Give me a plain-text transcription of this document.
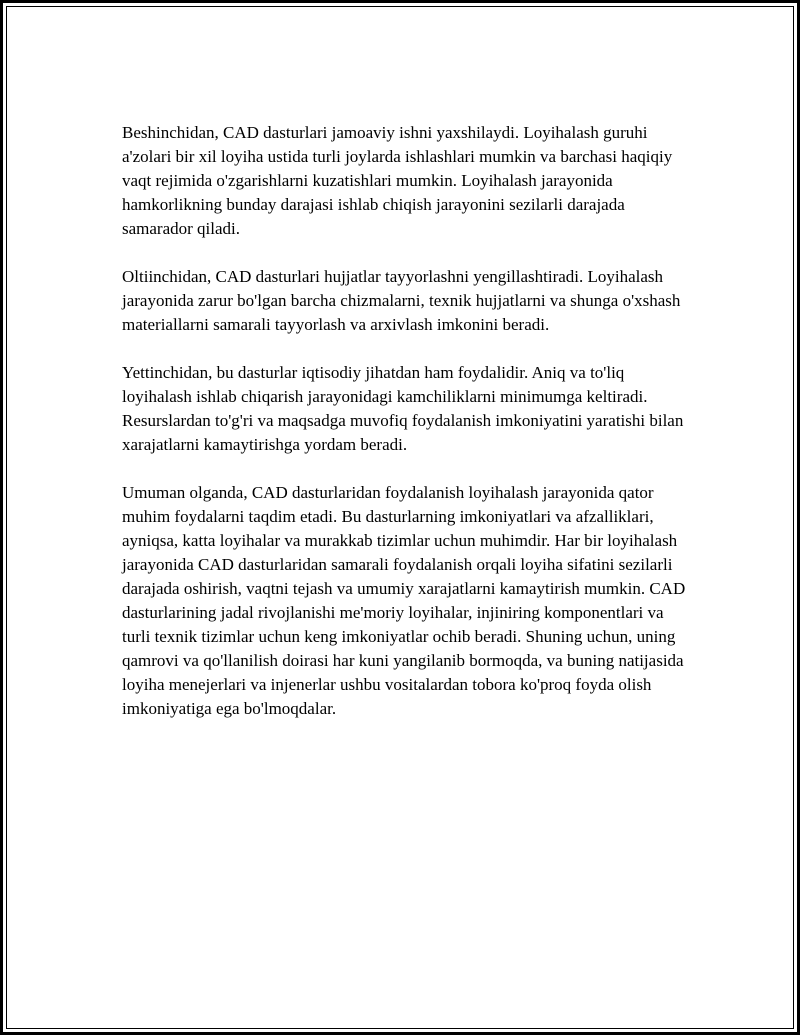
Beshinchidan, CAD dasturlari jamoaviy ishni yaxshilaydi. Loyihalash guruhi a'zolari bir xil loyiha ustida turli joylarda ishlashlari mumkin va barchasi haqiqiy vaqt rejimida o'zgarishlarni kuzatishlari mumkin. Loyihalash jarayonida hamkorlikning bunday darajasi ishlab chiqish jarayonini sezilarli darajada samarador qiladi.

Oltiinchidan, CAD dasturlari hujjatlar tayyorlashni yengillashtiradi. Loyihalash jarayonida zarur bo'lgan barcha chizmalarni, texnik hujjatlarni va shunga o'xshash materiallarni samarali tayyorlash va arxivlash imkonini beradi.

Yettinchidan, bu dasturlar iqtisodiy jihatdan ham foydalidir. Aniq va to'liq loyihalash ishlab chiqarish jarayonidagi kamchiliklarni minimumga keltiradi. Resurslardan to'g'ri va maqsadga muvofiq foydalanish imkoniyatini yaratishi bilan xarajatlarni kamaytirishga yordam beradi.

Umuman olganda, CAD dasturlaridan foydalanish loyihalash jarayonida qator muhim foydalarni taqdim etadi. Bu dasturlarning imkoniyatlari va afzalliklari, ayniqsa, katta loyihalar va murakkab tizimlar uchun muhimdir. Har bir loyihalash jarayonida CAD dasturlaridan samarali foydalanish orqali loyiha sifatini sezilarli darajada oshirish, vaqtni tejash va umumiy xarajatlarni kamaytirish mumkin. CAD dasturlarining jadal rivojlanishi me'moriy loyihalar, injiniring komponentlari va turli texnik tizimlar uchun keng imkoniyatlar ochib beradi. Shuning uchun, uning qamrovi va qo'llanilish doirasi har kuni yangilanib bormoqda, va buning natijasida loyiha menejerlari va injenerlar ushbu vositalardan tobora ko'proq foyda olish imkoniyatiga ega bo'lmoqdalar.
